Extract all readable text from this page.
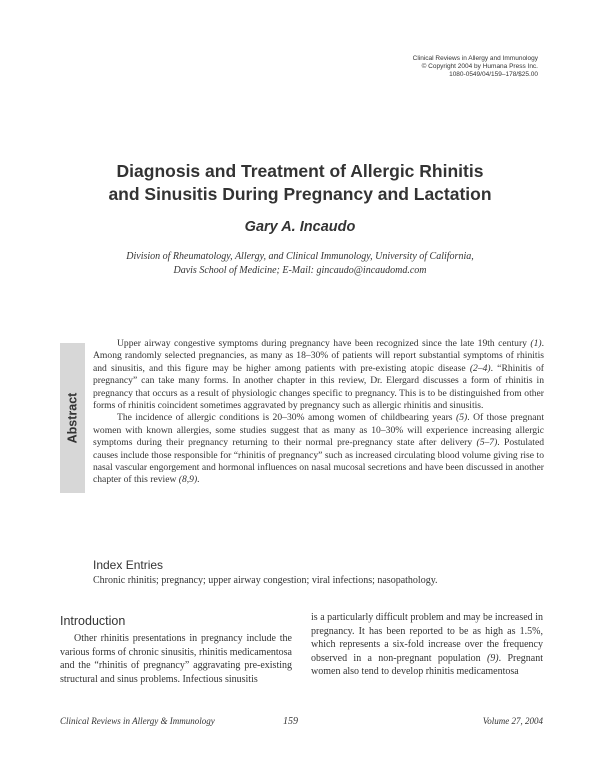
Clinical Reviews in Allergy and Immunology
© Copyright 2004 by Humana Press Inc.
1080-0549/04/159–178/$25.00
Diagnosis and Treatment of Allergic Rhinitis
and Sinusitis During Pregnancy and Lactation
Gary A. Incaudo
Division of Rheumatology, Allergy, and Clinical Immunology, University of California,
Davis School of Medicine; E-Mail: gincaudo@incaudomd.com
Abstract

Upper airway congestive symptoms during pregnancy have been recognized since the late 19th century (1). Among randomly selected pregnancies, as many as 18–30% of patients will report substantial symptoms of rhinitis and sinusitis, and this figure may be higher among patients with pre-existing atopic disease (2–4). “Rhinitis of pregnancy” can take many forms. In another chapter in this review, Dr. Elergard discusses a form of rhinitis in pregnancy that occurs as a result of physiologic changes specific to pregnancy. This is to be distinguished from other forms of rhinitis coincident sometimes aggravated by pregnancy such as allergic rhinitis and sinusitis.

The incidence of allergic conditions is 20–30% among women of childbearing years (5). Of those pregnant women with known allergies, some studies suggest that as many as 10–30% will experience increasing allergic symptoms during their pregnancy returning to their normal pre-pregnancy state after delivery (5–7). Postulated causes include those responsible for “rhinitis of pregnancy” such as increased circulating blood volume giving rise to nasal vascular engorgement and hormonal influences on nasal mucosal secretions and have been discussed in another chapter of this review (8,9).

Index Entries
Chronic rhinitis; pregnancy; upper airway congestion; viral infections; nasopathology.
Introduction
Other rhinitis presentations in pregnancy include the various forms of chronic sinusitis, rhinitis medicamentosa and the “rhinitis of pregnancy” aggravating pre-existing structural and sinus problems. Infectious sinusitis
is a particularly difficult problem and may be increased in pregnancy. It has been reported to be as high as 1.5%, which represents a six-fold increase over the frequency observed in a non-pregnant population (9). Pregnant women also tend to develop rhinitis medicamentosa
Clinical Reviews in Allergy & Immunology	159	Volume 27, 2004
